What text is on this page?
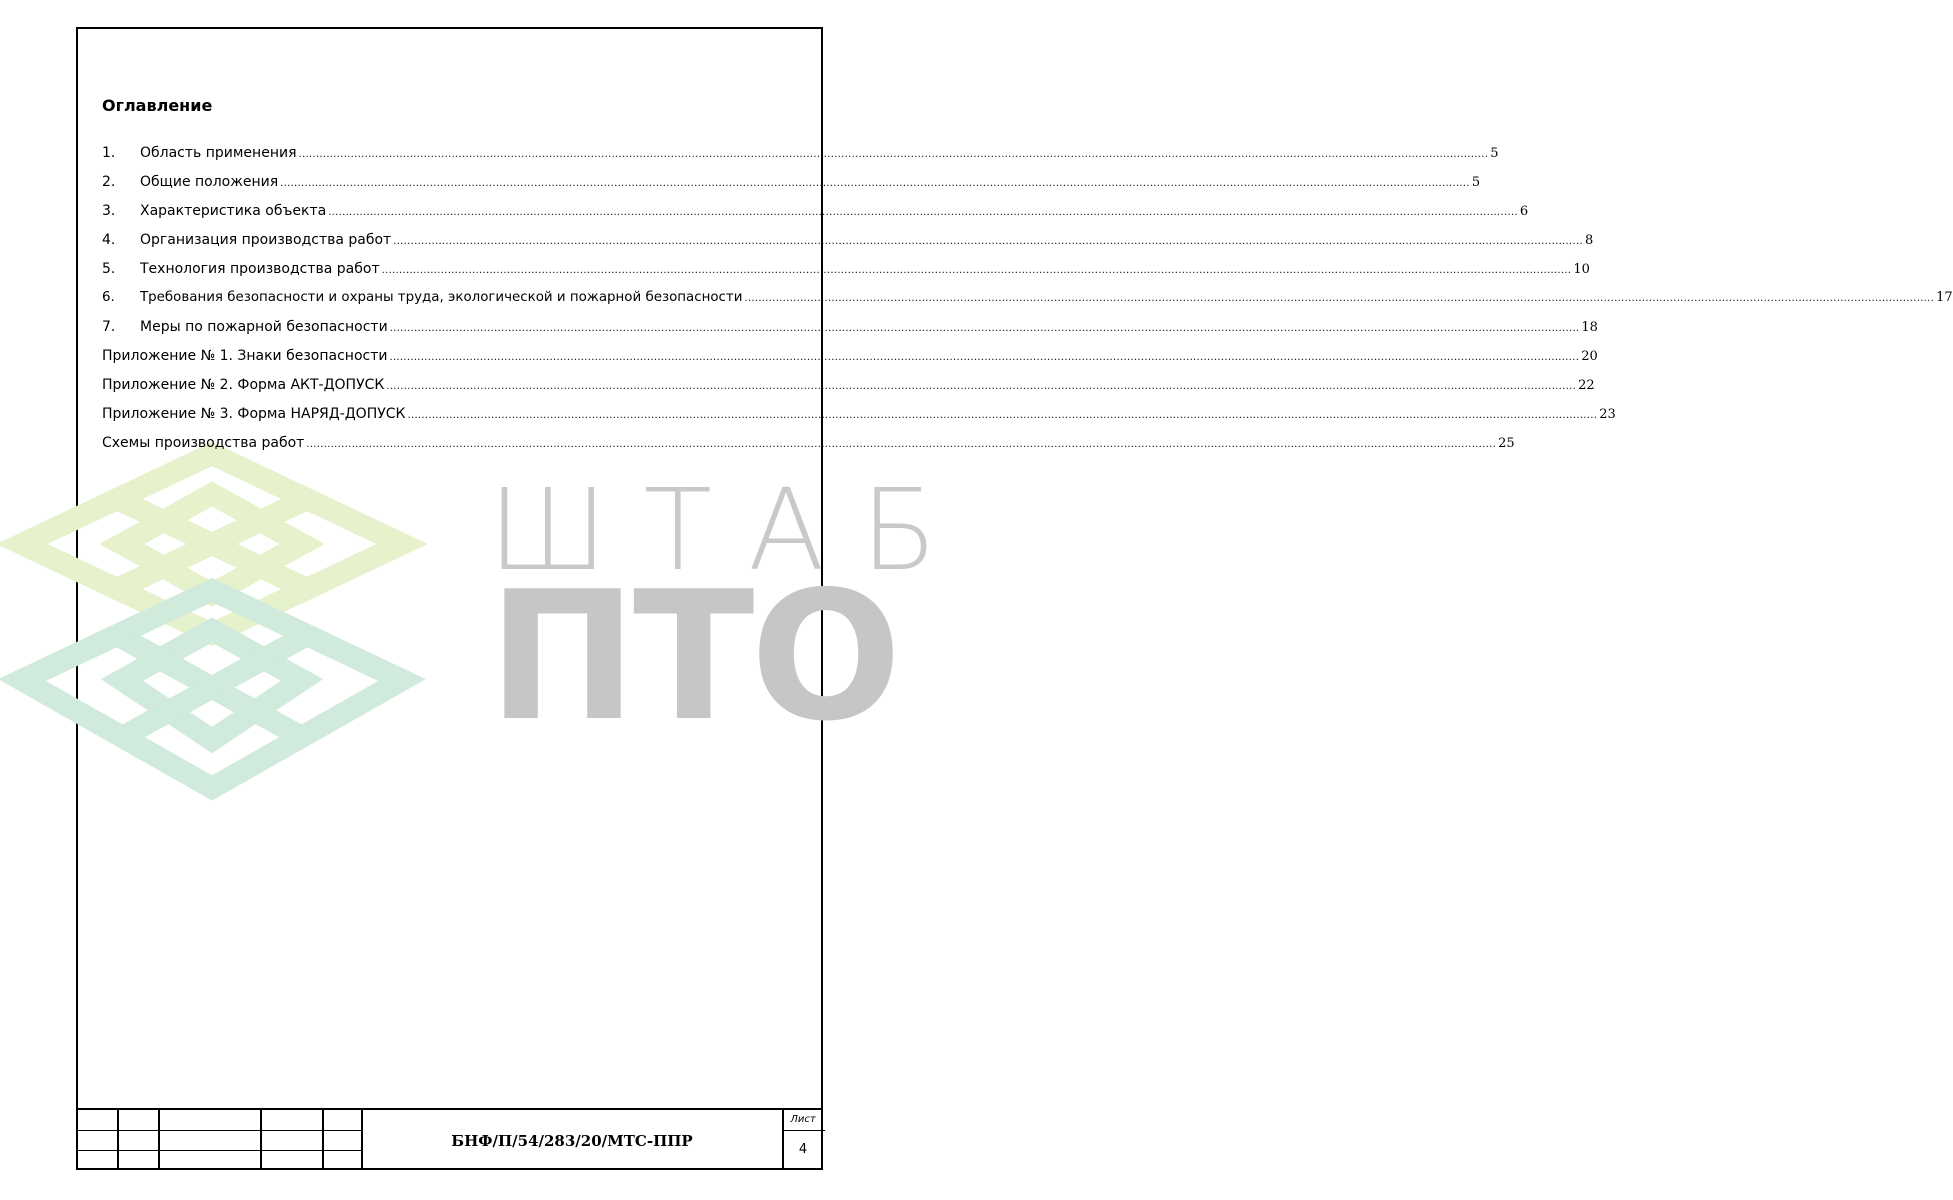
ШТАБ
ПТО
Оглавление
1.	Область применения ...................................................................................................................................................................................................................................................................................................................................................... 5
2.	Общие положения ...................................................................................................................................................................................................................................................................................................................................................... 5
3.	Характеристика объекта ...................................................................................................................................................................................................................................................................................................................................................... 6
4.	Организация производства работ ...................................................................................................................................................................................................................................................................................................................................................... 8
5.	Технология производства работ ...................................................................................................................................................................................................................................................................................................................................................... 10
6.	Требования безопасности и охраны труда, экологической и пожарной безопасности ...................................................................................................................................................................................................................................................................................................................................................... 17
7.	Меры по пожарной безопасности ...................................................................................................................................................................................................................................................................................................................................................... 18
Приложение № 1. Знаки безопасности ...................................................................................................................................................................................................................................................................................................................................................... 20
Приложение № 2. Форма АКТ-ДОПУСК ...................................................................................................................................................................................................................................................................................................................................................... 22
Приложение № 3. Форма НАРЯД-ДОПУСК ...................................................................................................................................................................................................................................................................................................................................................... 23
Схемы производства работ ...................................................................................................................................................................................................................................................................................................................................................... 25
БНФ/П/54/283/20/МТС-ППР
Лист
4
